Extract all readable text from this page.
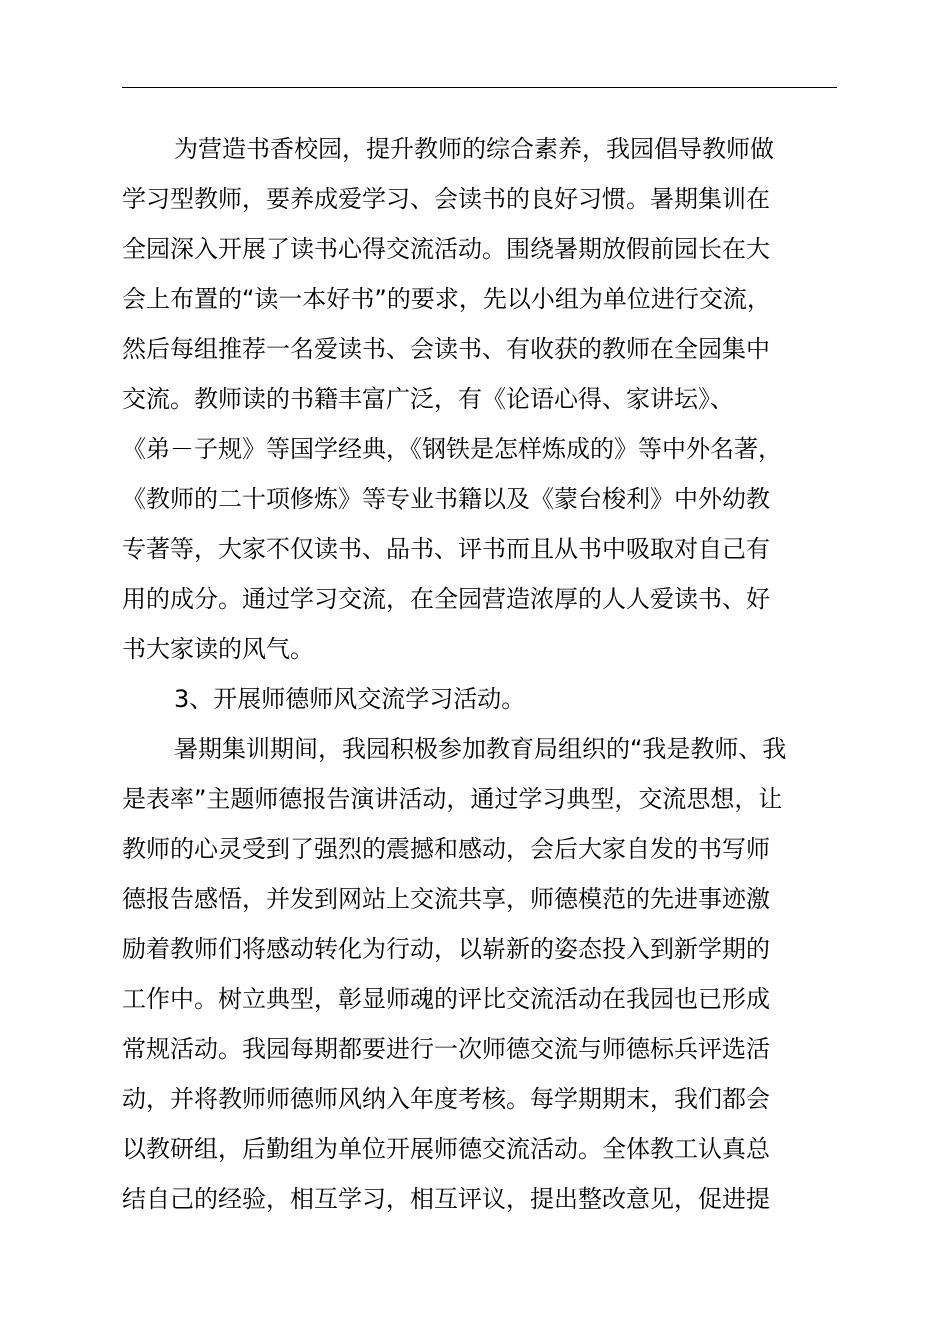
为营造书香校园，提升教师的综合素养，我园倡导教师做
学习型教师，要养成爱学习、会读书的良好习惯。暑期集训在
全园深入开展了读书心得交流活动。围绕暑期放假前园长在大
会上布置的“读一本好书”的要求，先以小组为单位进行交流，
然后每组推荐一名爱读书、会读书、有收获的教师在全园集中
交流。教师读的书籍丰富广泛，有《论语心得、家讲坛》、
《弟－子规》等国学经典，《钢铁是怎样炼成的》等中外名著，
《教师的二十项修炼》等专业书籍以及《蒙台梭利》中外幼教
专著等，大家不仅读书、品书、评书而且从书中吸取对自己有
用的成分。通过学习交流，在全园营造浓厚的人人爱读书、好
书大家读的风气。
3、开展师德师风交流学习活动。
暑期集训期间，我园积极参加教育局组织的“我是教师、我
是表率”主题师德报告演讲活动，通过学习典型，交流思想，让
教师的心灵受到了强烈的震撼和感动，会后大家自发的书写师
德报告感悟，并发到网站上交流共享，师德模范的先进事迹激
励着教师们将感动转化为行动，以崭新的姿态投入到新学期的
工作中。树立典型，彰显师魂的评比交流活动在我园也已形成
常规活动。我园每期都要进行一次师德交流与师德标兵评选活
动，并将教师师德师风纳入年度考核。每学期期末，我们都会
以教研组，后勤组为单位开展师德交流活动。全体教工认真总
结自己的经验，相互学习，相互评议，提出整改意见，促进提
